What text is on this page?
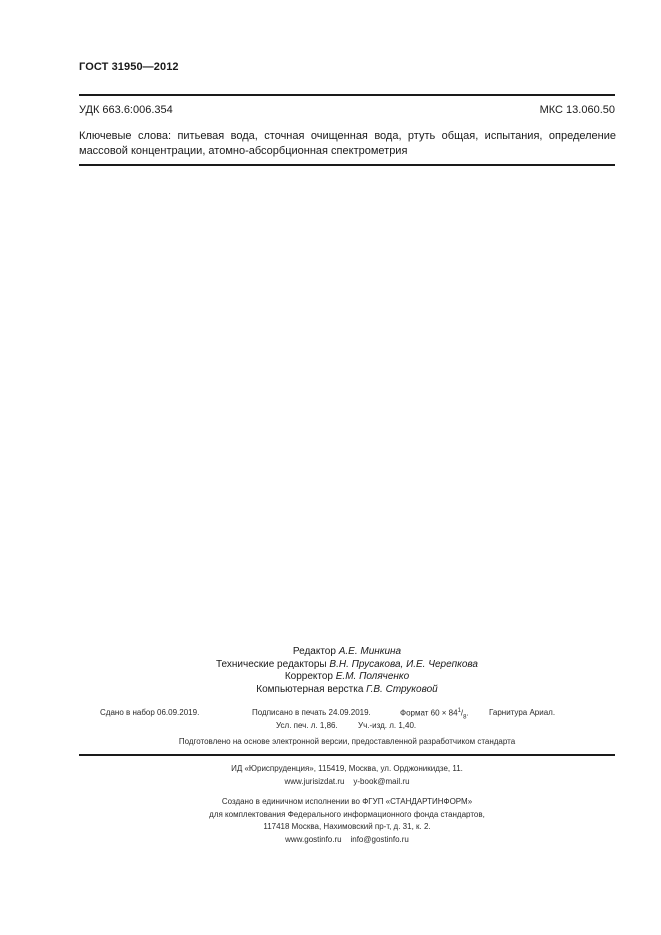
ГОСТ 31950—2012
УДК 663.6:006.354	МКС 13.060.50
Ключевые слова: питьевая вода, сточная очищенная вода, ртуть общая, испытания, определение массовой концентрации, атомно-абсорбционная спектрометрия
Редактор А.Е. Минкина
Технические редакторы В.Н. Прусакова, И.Е. Черепкова
Корректор Е.М. Поляченко
Компьютерная верстка Г.В. Струковой
Сдано в набор 06.09.2019.	Подписано в печать 24.09.2019.	Формат $60 \times 84^1/_8$.	Гарнитура Ариал.
Усл. печ. л. 1,86.	Уч.-изд. л. 1,40.
Подготовлено на основе электронной версии, предоставленной разработчиком стандарта
ИД «Юриспруденция», 115419, Москва, ул. Орджоникидзе, 11.
www.jurisizdat.ru y-book@mail.ru
Создано в единичном исполнении во ФГУП «СТАНДАРТИНФОРМ»
для комплектования Федерального информационного фонда стандартов,
117418 Москва, Нахимовский пр-т, д. 31, к. 2.
www.gostinfo.ru info@gostinfo.ru
